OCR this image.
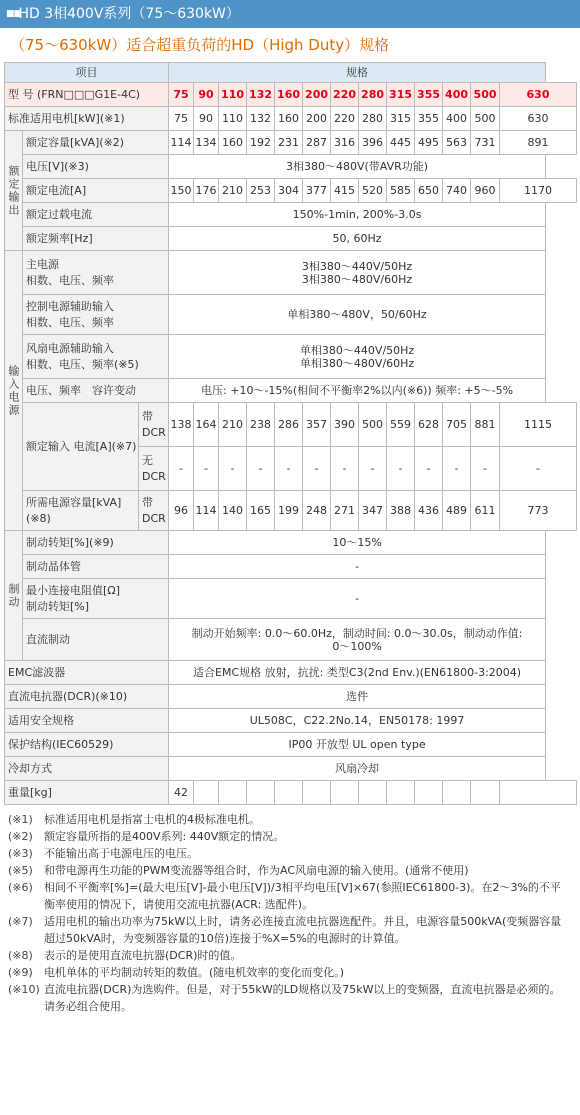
■■ HD 3相400V系列（75～630kW）
（75～630kW）适合超重负荷的HD（High Duty）规格
项目			规格												
型 号 (FRN□□□G1E-4C)			75	90	110	132	160	200	220	280	315	355	400	500	630
标准适用电机[kW](※1)			75	90	110	132	160	200	220	280	315	355	400	500	630
额定输出	额定容量[kVA](※2)		114	134	160	192	231	287	316	396	445	495	563	731	891
	电压[V](※3)		3相380～480V(带AVR功能)												
	额定电流[A]		150	176	210	253	304	377	415	520	585	650	740	960	1170
	额定过载电流		150%-1min, 200%-3.0s												
	额定频率[Hz]		50, 60Hz												
输入电源	主电源
相数、电压、频率		3相380～440V/50Hz
3相380～480V/60Hz												
	控制电源辅助输入
相数、电压、频率		单相380～480V，50/60Hz												
	风扇电源辅助输入
相数、电压、频率(※5)		单相380～440V/50Hz
单相380～480V/60Hz												
	电压、频率　容许变动		电压: +10～-15%(相间不平衡率2%以内(※6)) 频率: +5～-5%												
	额定输入 电流[A](※7)	带DCR	138	164	210	238	286	357	390	500	559	628	705	881	1115
		无DCR	-	-	-	-	-	-	-	-	-	-	-	-	-
	所需电源容量[kVA](※8)	带DCR	96	114	140	165	199	248	271	347	388	436	489	611	773
制动	制动转矩[%](※9)		10～15%												
	制动晶体管		-												
	最小连接电阻值[Ω]
制动转矩[%]		-												
	直流制动		制动开始频率: 0.0～60.0Hz，制动时间: 0.0～30.0s，制动动作值:
0～100%												
EMC滤波器			适合EMC规格 放射，抗扰: 类型C3(2nd Env.)(EN61800-3:2004)												
直流电抗器(DCR)(※10)			选件												
适用安全规格			UL508C，C22.2No.14，EN50178: 1997												
保护结构(IEC60529)			IP00 开放型 UL open type												
冷却方式			风扇冷却												
重量[kg]			42												
(※1)	标准适用电机是指富士电机的4极标准电机。
(※2)	额定容量所指的是400V系列: 440V额定的情况。
(※3)	不能输出高于电源电压的电压。
(※5)	和带电源再生功能的PWM变流器等组合时，作为AC风扇电源的输入使用。(通常不使用)
(※6)	相间不平衡率[%]=(最大电压[V]-最小电压[V])/3相平均电压[V]×67(参照IEC61800-3)。在2～3%的不平衡率使用的情况下，请使用交流电抗器(ACR: 选配件)。
(※7)	适用电机的输出功率为75kW以上时，请务必连接直流电抗器选配件。并且，电源容量500kVA(变频器容量超过50kVA时，为变频器容量的10倍)连接于%X=5%的电源时的计算值。
(※8)	表示的是使用直流电抗器(DCR)时的值。
(※9)	电机单体的平均制动转矩的数值。(随电机效率的变化而变化。)
(※10) 直流电抗器(DCR)为选购件。但是，对于55kW的LD规格以及75kW以上的变频器，直流电抗器是必须的。请务必组合使用。
